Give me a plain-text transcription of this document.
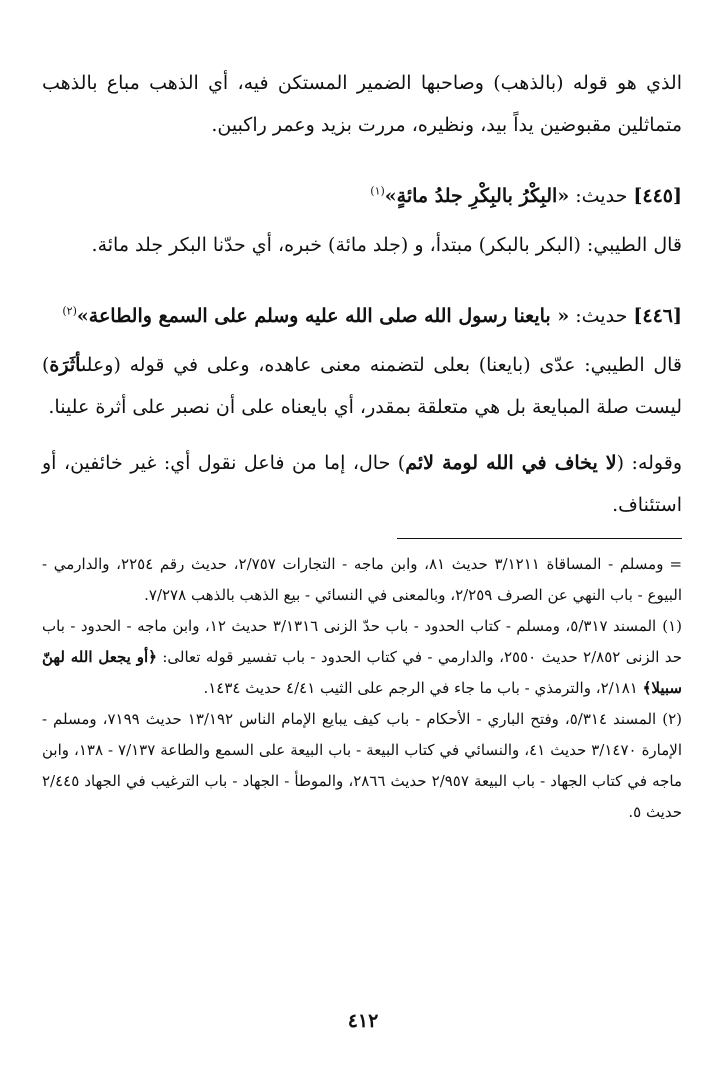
الذي هو قوله (بالذهب) وصاحبها الضمير المستكن فيه، أي الذهب مباع بالذهب متماثلين مقبوضين يداً بيد، ونظيره، مررت بزيد وعمر راكبين.

[٤٤٥] حديث: «البِكْرُ بالبِكْرِ جلدُ مائةٍ»$^{(١)}$

قال الطيبي: (البكر بالبكر) مبتدأ، و (جلد مائة) خبره، أي حدّنا البكر جلد مائة.

[٤٤٦] حديث: « بايعنا رسول الله صلى الله عليه وسلم على السمع والطاعة»$^{(٢)}$

قال الطيبي: عدّى (بايعنا) بعلى لتضمنه معنى عاهده، وعلى في قوله (وعلىأثَرَة) ليست صلة المبايعة بل هي متعلقة بمقدر، أي بايعناه على أن نصبر على أثرة علينا.

وقوله: (لا يخاف في الله لومة لائم) حال، إما من فاعل نقول أي: غير خائفين، أو استئناف.

=ومسلم - المساقاة ٣/١٢١١ حديث ٨١، وابن ماجه - التجارات ٢/٧٥٧، حديث رقم ٢٢٥٤، والدارمي - البيوع - باب النهي عن الصرف ٢/٢٥٩، وبالمعنى في النسائي - بيع الذهب بالذهب ٧/٢٧٨.

(١)المسند ٥/٣١٧، ومسلم - كتاب الحدود - باب حدّ الزنى ٣/١٣١٦ حديث ١٢، وابن ماجه - الحدود - باب حد الزنى ٢/٨٥٢ حديث ٢٥٥٠، والدارمي - في كتاب الحدود - باب تفسير قوله تعالى: ﴿أو يجعل الله لهنّ سبيلا﴾ ٢/١٨١، والترمذي - باب ما جاء في الرجم على الثيب ٤/٤١ حديث ١٤٣٤.

(٢)المسند ٥/٣١٤، وفتح الباري - الأحكام - باب كيف يبايع الإمام الناس ١٣/١٩٢ حديث ٧١٩٩، ومسلم - الإمارة ٣/١٤٧٠ حديث ٤١، والنسائي في كتاب البيعة - باب البيعة على السمع والطاعة ٧/١٣٧ - ١٣٨، وابن ماجه في كتاب الجهاد - باب البيعة ٢/٩٥٧ حديث ٢٨٦٦، والموطأ - الجهاد - باب الترغيب في الجهاد ٢/٤٤٥ حديث ٥.

٤١٢
